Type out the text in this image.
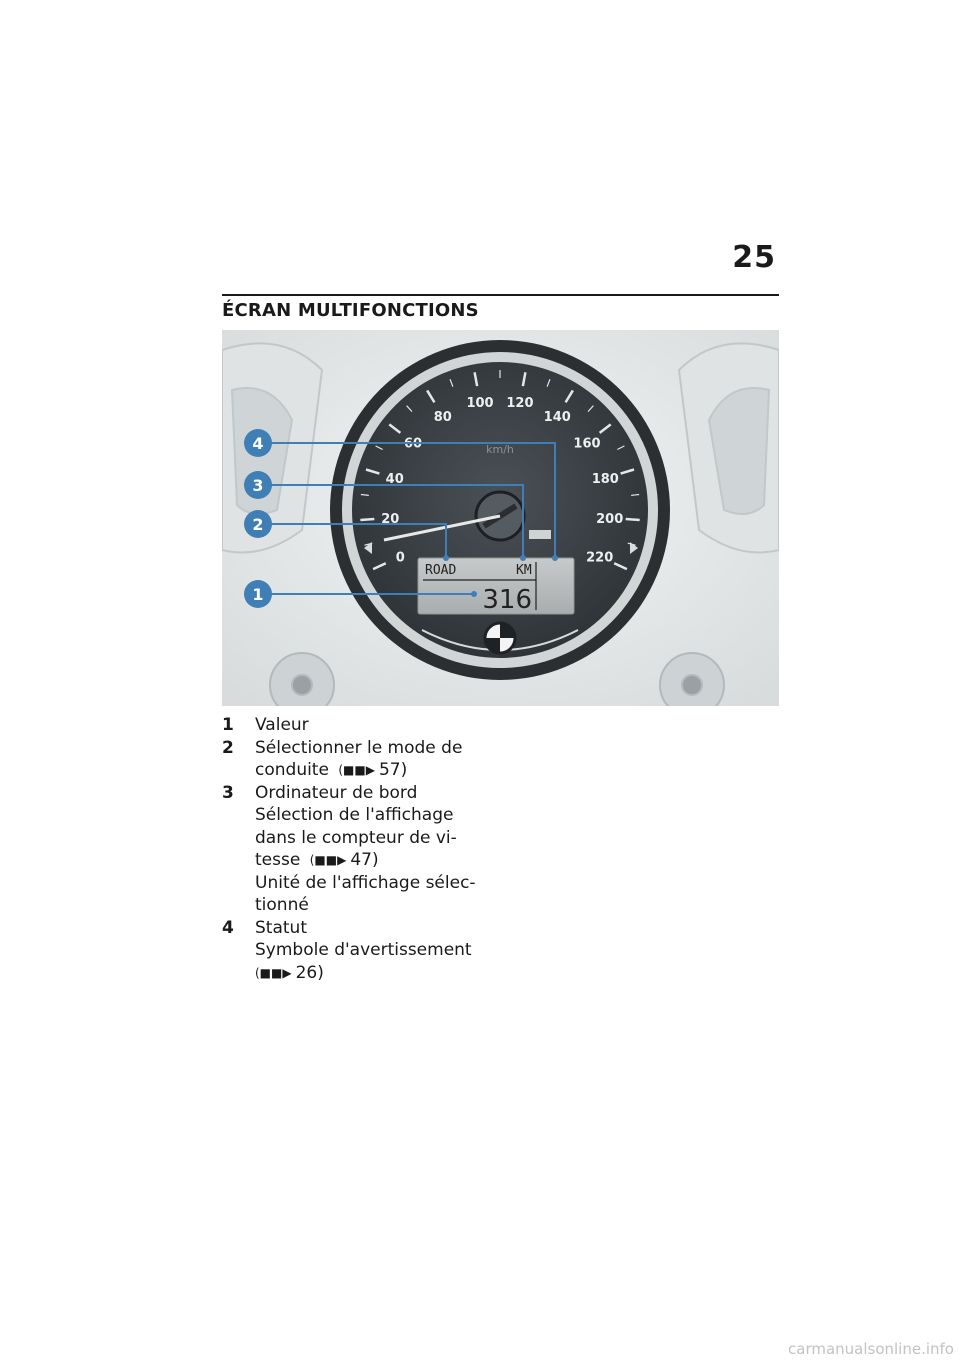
25
ÉCRAN MULTIFONCTIONS
0
20
40
60
80
100 120
140
160
180
200
220
km/h
ROAD	KM
316
1
2
3
4
1	Valeur
2	Sélectionner le mode de
conduite (■■▶ 57)
3	Ordinateur de bord
Sélection de l'affichage
dans le compteur de vi-
tesse (■■▶ 47)
Unité de l'affichage sélec-
tionné
4	Statut
Symbole d'avertissement
(■■▶ 26)
carmanualsonline.info
